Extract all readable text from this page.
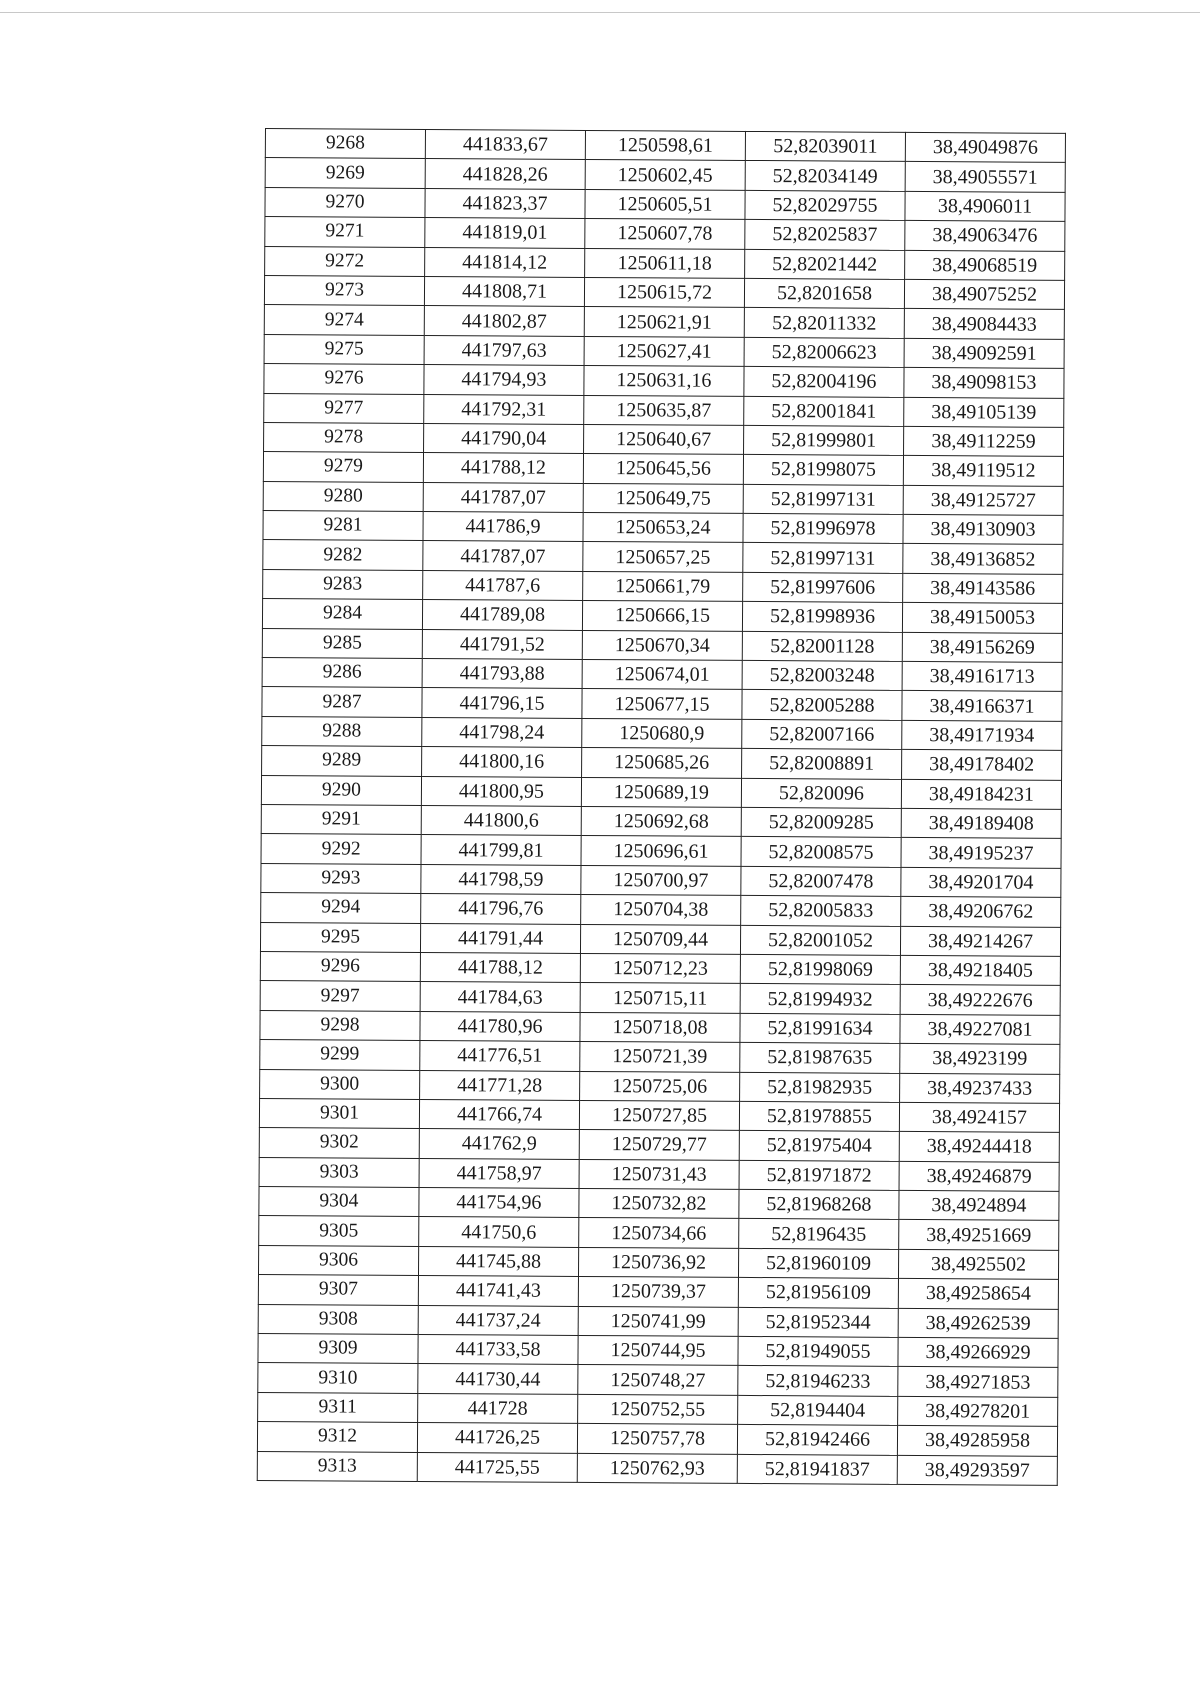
9268	441833,67	1250598,61	52,82039011	38,49049876
9269	441828,26	1250602,45	52,82034149	38,49055571
9270	441823,37	1250605,51	52,82029755	38,4906011
9271	441819,01	1250607,78	52,82025837	38,49063476
9272	441814,12	1250611,18	52,82021442	38,49068519
9273	441808,71	1250615,72	52,8201658	38,49075252
9274	441802,87	1250621,91	52,82011332	38,49084433
9275	441797,63	1250627,41	52,82006623	38,49092591
9276	441794,93	1250631,16	52,82004196	38,49098153
9277	441792,31	1250635,87	52,82001841	38,49105139
9278	441790,04	1250640,67	52,81999801	38,49112259
9279	441788,12	1250645,56	52,81998075	38,49119512
9280	441787,07	1250649,75	52,81997131	38,49125727
9281	441786,9	1250653,24	52,81996978	38,49130903
9282	441787,07	1250657,25	52,81997131	38,49136852
9283	441787,6	1250661,79	52,81997606	38,49143586
9284	441789,08	1250666,15	52,81998936	38,49150053
9285	441791,52	1250670,34	52,82001128	38,49156269
9286	441793,88	1250674,01	52,82003248	38,49161713
9287	441796,15	1250677,15	52,82005288	38,49166371
9288	441798,24	1250680,9	52,82007166	38,49171934
9289	441800,16	1250685,26	52,82008891	38,49178402
9290	441800,95	1250689,19	52,820096	38,49184231
9291	441800,6	1250692,68	52,82009285	38,49189408
9292	441799,81	1250696,61	52,82008575	38,49195237
9293	441798,59	1250700,97	52,82007478	38,49201704
9294	441796,76	1250704,38	52,82005833	38,49206762
9295	441791,44	1250709,44	52,82001052	38,49214267
9296	441788,12	1250712,23	52,81998069	38,49218405
9297	441784,63	1250715,11	52,81994932	38,49222676
9298	441780,96	1250718,08	52,81991634	38,49227081
9299	441776,51	1250721,39	52,81987635	38,4923199
9300	441771,28	1250725,06	52,81982935	38,49237433
9301	441766,74	1250727,85	52,81978855	38,4924157
9302	441762,9	1250729,77	52,81975404	38,49244418
9303	441758,97	1250731,43	52,81971872	38,49246879
9304	441754,96	1250732,82	52,81968268	38,4924894
9305	441750,6	1250734,66	52,8196435	38,49251669
9306	441745,88	1250736,92	52,81960109	38,4925502
9307	441741,43	1250739,37	52,81956109	38,49258654
9308	441737,24	1250741,99	52,81952344	38,49262539
9309	441733,58	1250744,95	52,81949055	38,49266929
9310	441730,44	1250748,27	52,81946233	38,49271853
9311	441728	1250752,55	52,8194404	38,49278201
9312	441726,25	1250757,78	52,81942466	38,49285958
9313	441725,55	1250762,93	52,81941837	38,49293597
